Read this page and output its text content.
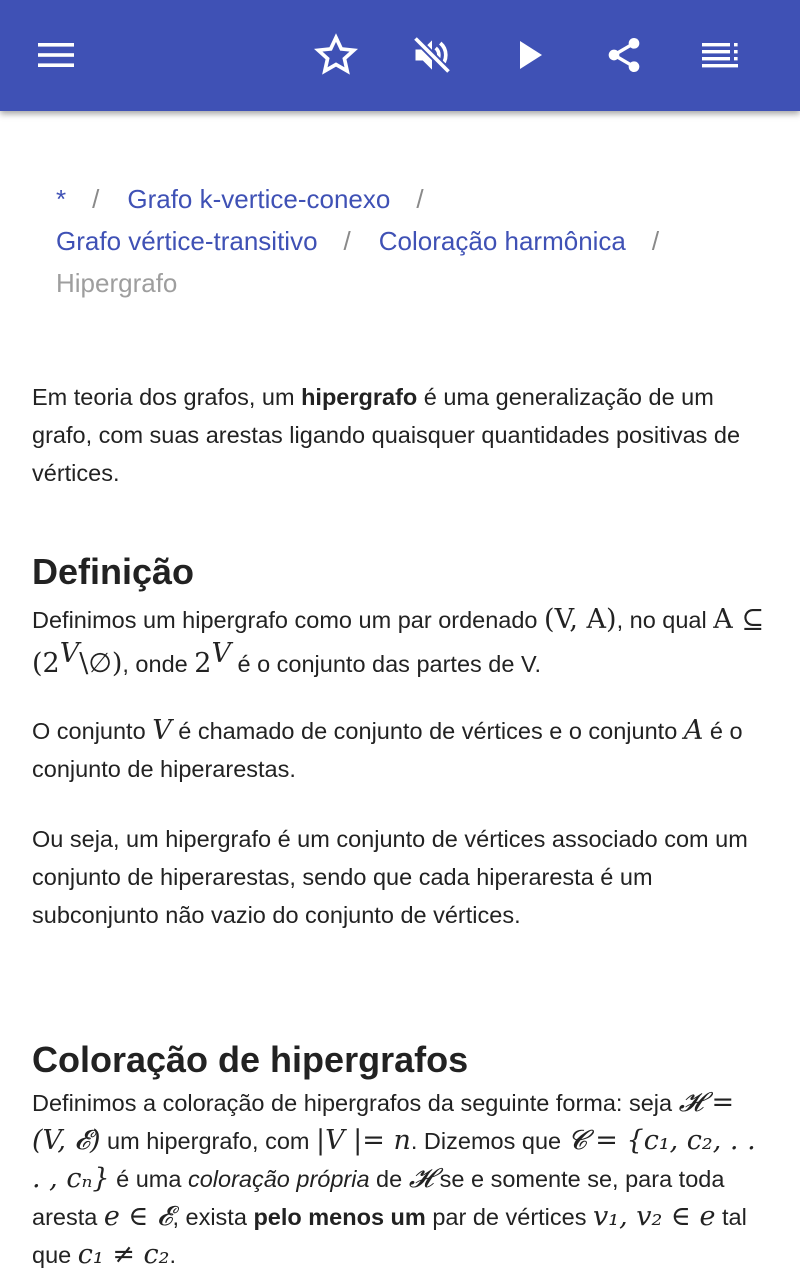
* / Grafo k-vertice-conexo /
Grafo vértice-transitivo / Coloração harmônica /
Hipergrafo

Em teoria dos grafos, um hipergrafo é uma generalização de um grafo, com suas arestas ligando quaisquer quantidades positivas de vértices.

Definição

Definimos um hipergrafo como um par ordenado (V, A), no qual A ⊆ $(2^V\backslash\emptyset)$, onde $2^V$ é o conjunto das partes de V.

O conjunto V é chamado de conjunto de vértices e o conjunto A é o conjunto de hiperarestas.

Ou seja, um hipergrafo é um conjunto de vértices associado com um conjunto de hiperarestas, sendo que cada hiperaresta é um subconjunto não vazio do conjunto de vértices.

Coloração de hipergrafos

Definimos a coloração de hipergrafos da seguinte forma: seja 𝓗 = (V, 𝓔) um hipergrafo, com |V |= n. Dizemos que 𝓒 = {c₁, c₂, . . . , cₙ} é uma coloração própria de 𝓗 se e somente se, para toda aresta e ∈ 𝓔, exista pelo menos um par de vértices v₁, v₂ ∈ e tal que c₁ ≠ c₂.
